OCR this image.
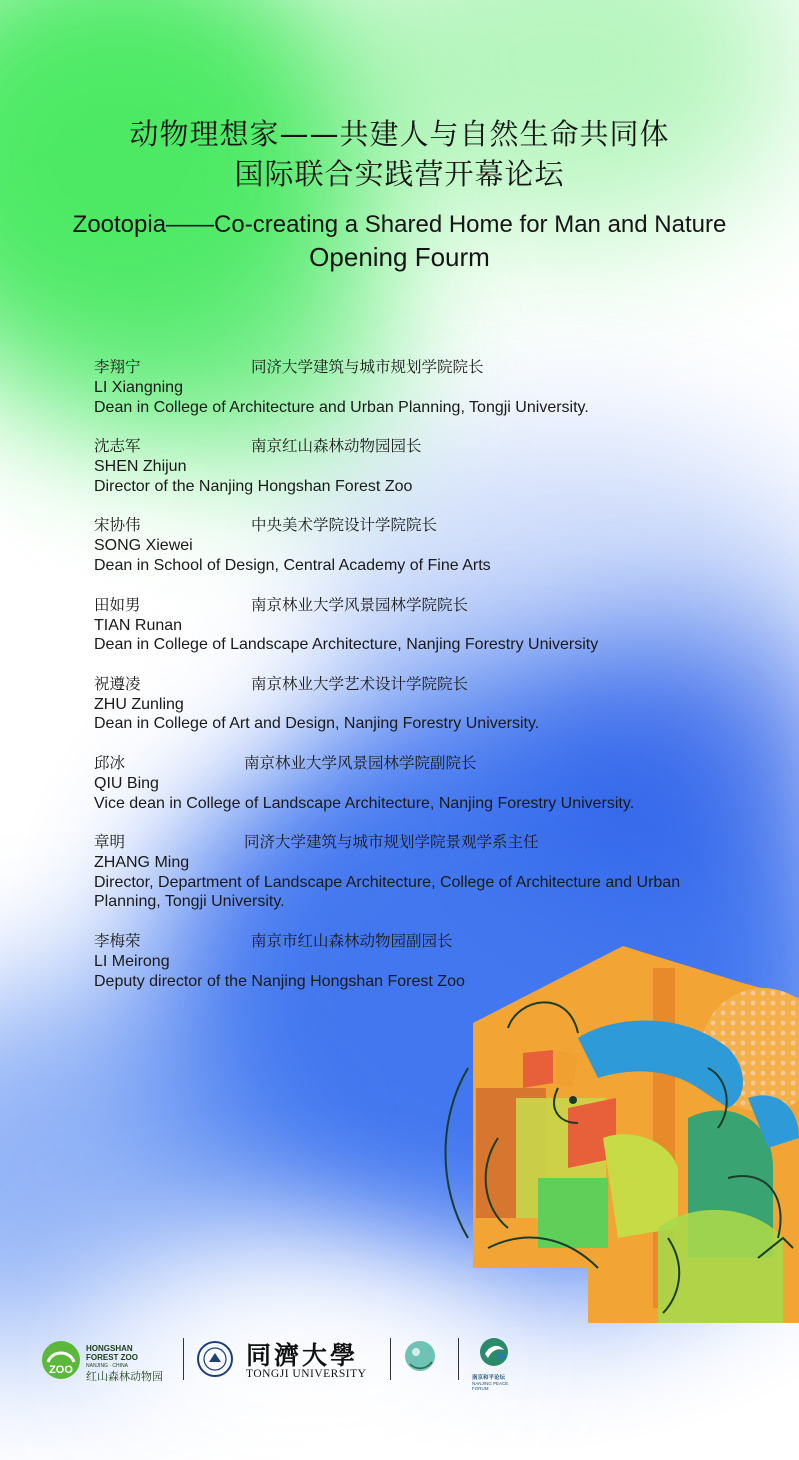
动物理想家——共建人与自然生命共同体
国际联合实践营开幕论坛
Zootopia——Co-creating a Shared Home for Man and Nature Opening Fourm
李翔宁	同济大学建筑与城市规划学院院长
LI Xiangning
Dean in College of Architecture and Urban Planning, Tongji University.
沈志军	南京红山森林动物园园长
SHEN Zhijun
Director of the Nanjing Hongshan Forest Zoo
宋协伟	中央美术学院设计学院院长
SONG Xiewei
Dean in School of Design, Central Academy of Fine Arts
田如男	南京林业大学风景园林学院院长
TIAN Runan
Dean in College of Landscape Architecture, Nanjing Forestry University
祝遵凌	南京林业大学艺术设计学院院长
ZHU Zunling
Dean in College of Art and Design, Nanjing Forestry University.
邱冰	南京林业大学风景园林学院副院长
QIU Bing
Vice dean in College of Landscape Architecture, Nanjing Forestry University.
章明	同济大学建筑与城市规划学院景观学系主任
ZHANG Ming
Director, Department of Landscape Architecture, College of Architecture and Urban Planning, Tongji University.
李梅荣	南京市红山森林动物园副园长
LI Meirong
Deputy director of the Nanjing Hongshan Forest Zoo
ZOO
HONGSHAN FOREST ZOO
NANJING · CHINA
红山森林动物园
同濟大學
TONGJI UNIVERSITY	南京和平论坛
NANJING PEACE FORUM
